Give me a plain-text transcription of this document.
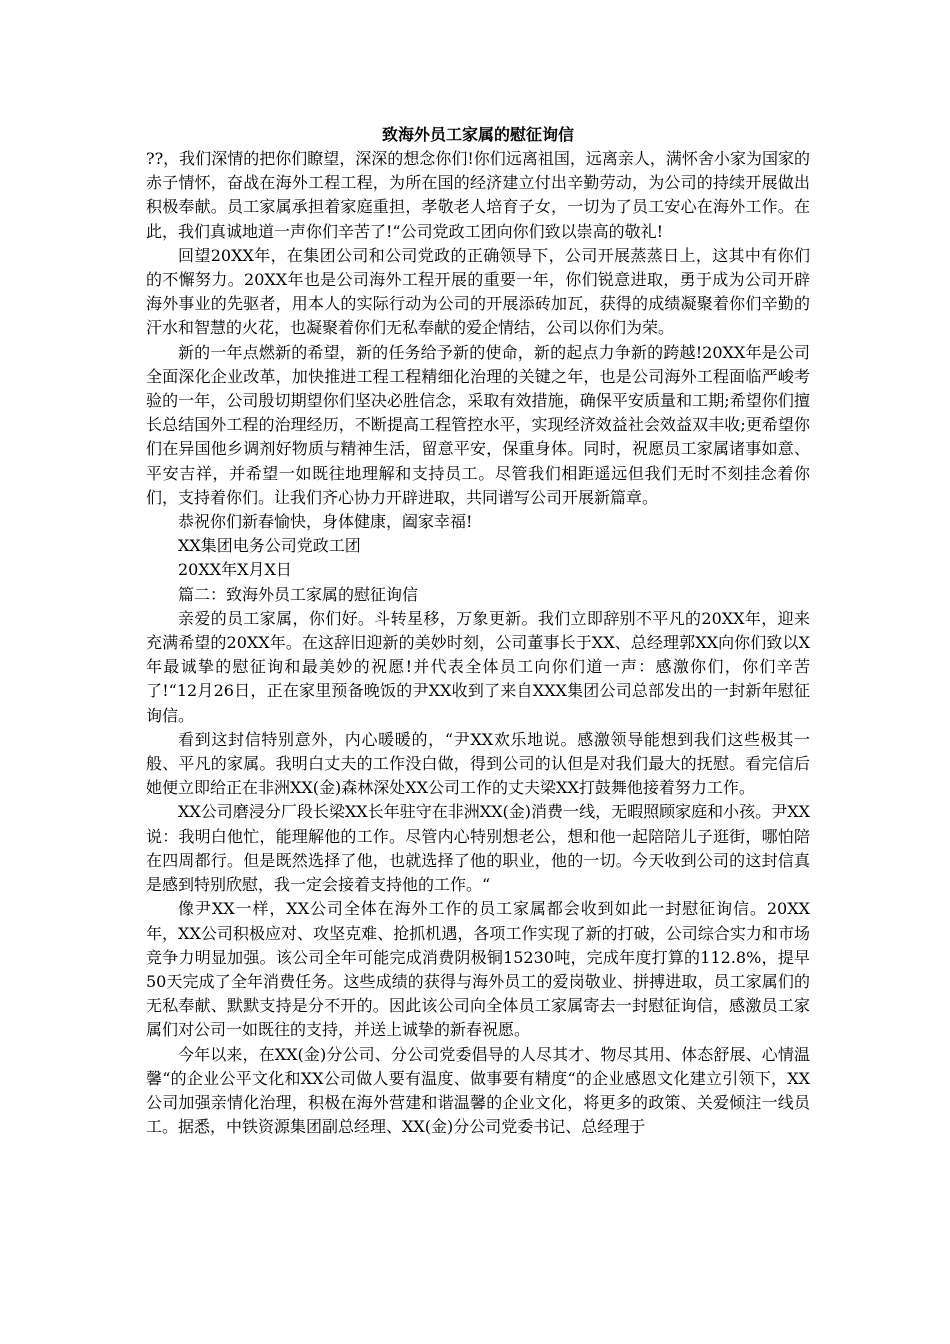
致海外员工家属的慰征询信

??，我们深情的把你们瞭望，深深的想念你们!你们远离祖国，远离亲人，满怀舍小家为国家的赤子情怀，奋战在海外工程工程，为所在国的经济建立付出辛勤劳动，为公司的持续开展做出积极奉献。员工家属承担着家庭重担，孝敬老人培育子女，一切为了员工安心在海外工作。在此，我们真诚地道一声你们辛苦了!“公司党政工团向你们致以崇高的敬礼!

回望20XX年，在集团公司和公司党政的正确领导下，公司开展蒸蒸日上，这其中有你们的不懈努力。20XX年也是公司海外工程开展的重要一年，你们锐意进取，勇于成为公司开辟海外事业的先驱者，用本人的实际行动为公司的开展添砖加瓦，获得的成绩凝聚着你们辛勤的汗水和智慧的火花，也凝聚着你们无私奉献的爱企情结，公司以你们为荣。

新的一年点燃新的希望，新的任务给予新的使命，新的起点力争新的跨越!20XX年是公司全面深化企业改革，加快推进工程工程精细化治理的关键之年，也是公司海外工程面临严峻考验的一年，公司殷切期望你们坚决必胜信念，采取有效措施，确保平安质量和工期;希望你们擅长总结国外工程的治理经历，不断提高工程管控水平，实现经济效益社会效益双丰收;更希望你们在异国他乡调剂好物质与精神生活，留意平安，保重身体。同时，祝愿员工家属诸事如意、平安吉祥，并希望一如既往地理解和支持员工。尽管我们相距遥远但我们无时不刻挂念着你们，支持着你们。让我们齐心协力开辟进取，共同谱写公司开展新篇章。

恭祝你们新春愉快，身体健康，阖家幸福!

XX集团电务公司党政工团

20XX年X月X日

篇二：致海外员工家属的慰征询信

亲爱的员工家属，你们好。斗转星移，万象更新。我们立即辞别不平凡的20XX年，迎来充满希望的20XX年。在这辞旧迎新的美妙时刻，公司董事长于XX、总经理郭XX向你们致以X年最诚挚的慰征询和最美妙的祝愿!并代表全体员工向你们道一声：感激你们，你们辛苦了!“12月26日，正在家里预备晚饭的尹XX收到了来自XXX集团公司总部发出的一封新年慰征询信。

看到这封信特别意外，内心暖暖的，“尹XX欢乐地说。感激领导能想到我们这些极其一般、平凡的家属。我明白丈夫的工作没白做，得到公司的认但是对我们最大的抚慰。看完信后她便立即给正在非洲XX(金)森林深处XX公司工作的丈夫梁XX打鼓舞他接着努力工作。

XX公司磨浸分厂段长梁XX长年驻守在非洲XX(金)消费一线，无暇照顾家庭和小孩。尹XX说：我明白他忙，能理解他的工作。尽管内心特别想老公，想和他一起陪陪儿子逛街，哪怕陪在四周都行。但是既然选择了他，也就选择了他的职业，他的一切。今天收到公司的这封信真是感到特别欣慰，我一定会接着支持他的工作。“

像尹XX一样，XX公司全体在海外工作的员工家属都会收到如此一封慰征询信。20XX年，XX公司积极应对、攻坚克难、抢抓机遇，各项工作实现了新的打破，公司综合实力和市场竞争力明显加强。该公司全年可能完成消费阴极铜15230吨，完成年度打算的112.8%，提早50天完成了全年消费任务。这些成绩的获得与海外员工的爱岗敬业、拼搏进取，员工家属们的无私奉献、默默支持是分不开的。因此该公司向全体员工家属寄去一封慰征询信，感激员工家属们对公司一如既往的支持，并送上诚挚的新春祝愿。

今年以来，在XX(金)分公司、分公司党委倡导的人尽其才、物尽其用、体态舒展、心情温馨“的企业公平文化和XX公司做人要有温度、做事要有精度“的企业感恩文化建立引领下，XX公司加强亲情化治理，积极在海外营建和谐温馨的企业文化，将更多的政策、关爱倾注一线员工。据悉，中铁资源集团副总经理、XX(金)分公司党委书记、总经理于
